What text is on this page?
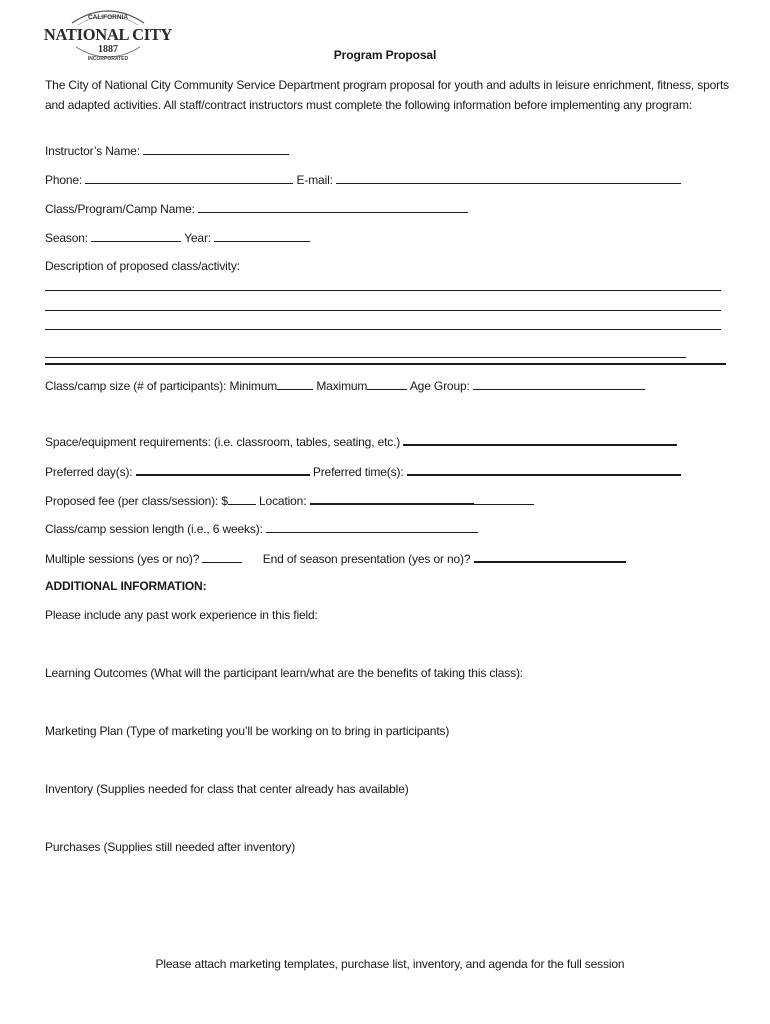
CALIFORNIA
NATIONAL CITY
1887
INCORPORATED	Program Proposal
The City of National City Community Service Department program proposal for youth and adults in leisure enrichment, fitness, sports and adapted activities. All staff/contract instructors must complete the following information before implementing any program:
Instructor’s Name:
Phone:	E-mail:
Class/Program/Camp Name:
Season:	Year:
Description of proposed class/activity:
Class/camp size (# of participants): Minimum	Maximum	Age Group:
Space/equipment requirements: (i.e. classroom, tables, seating, etc.)
Preferred day(s):	Preferred time(s):
Proposed fee (per class/session): $	Location:
Class/camp session length (i.e., 6 weeks):
Multiple sessions (yes or no)?	End of season presentation (yes or no)?
ADDITIONAL INFORMATION:
Please include any past work experience in this field:
Learning Outcomes (What will the participant learn/what are the benefits of taking this class):
Marketing Plan (Type of marketing you’ll be working on to bring in participants)
Inventory (Supplies needed for class that center already has available)
Purchases (Supplies still needed after inventory)
Please attach marketing templates, purchase list, inventory, and agenda for the full session
